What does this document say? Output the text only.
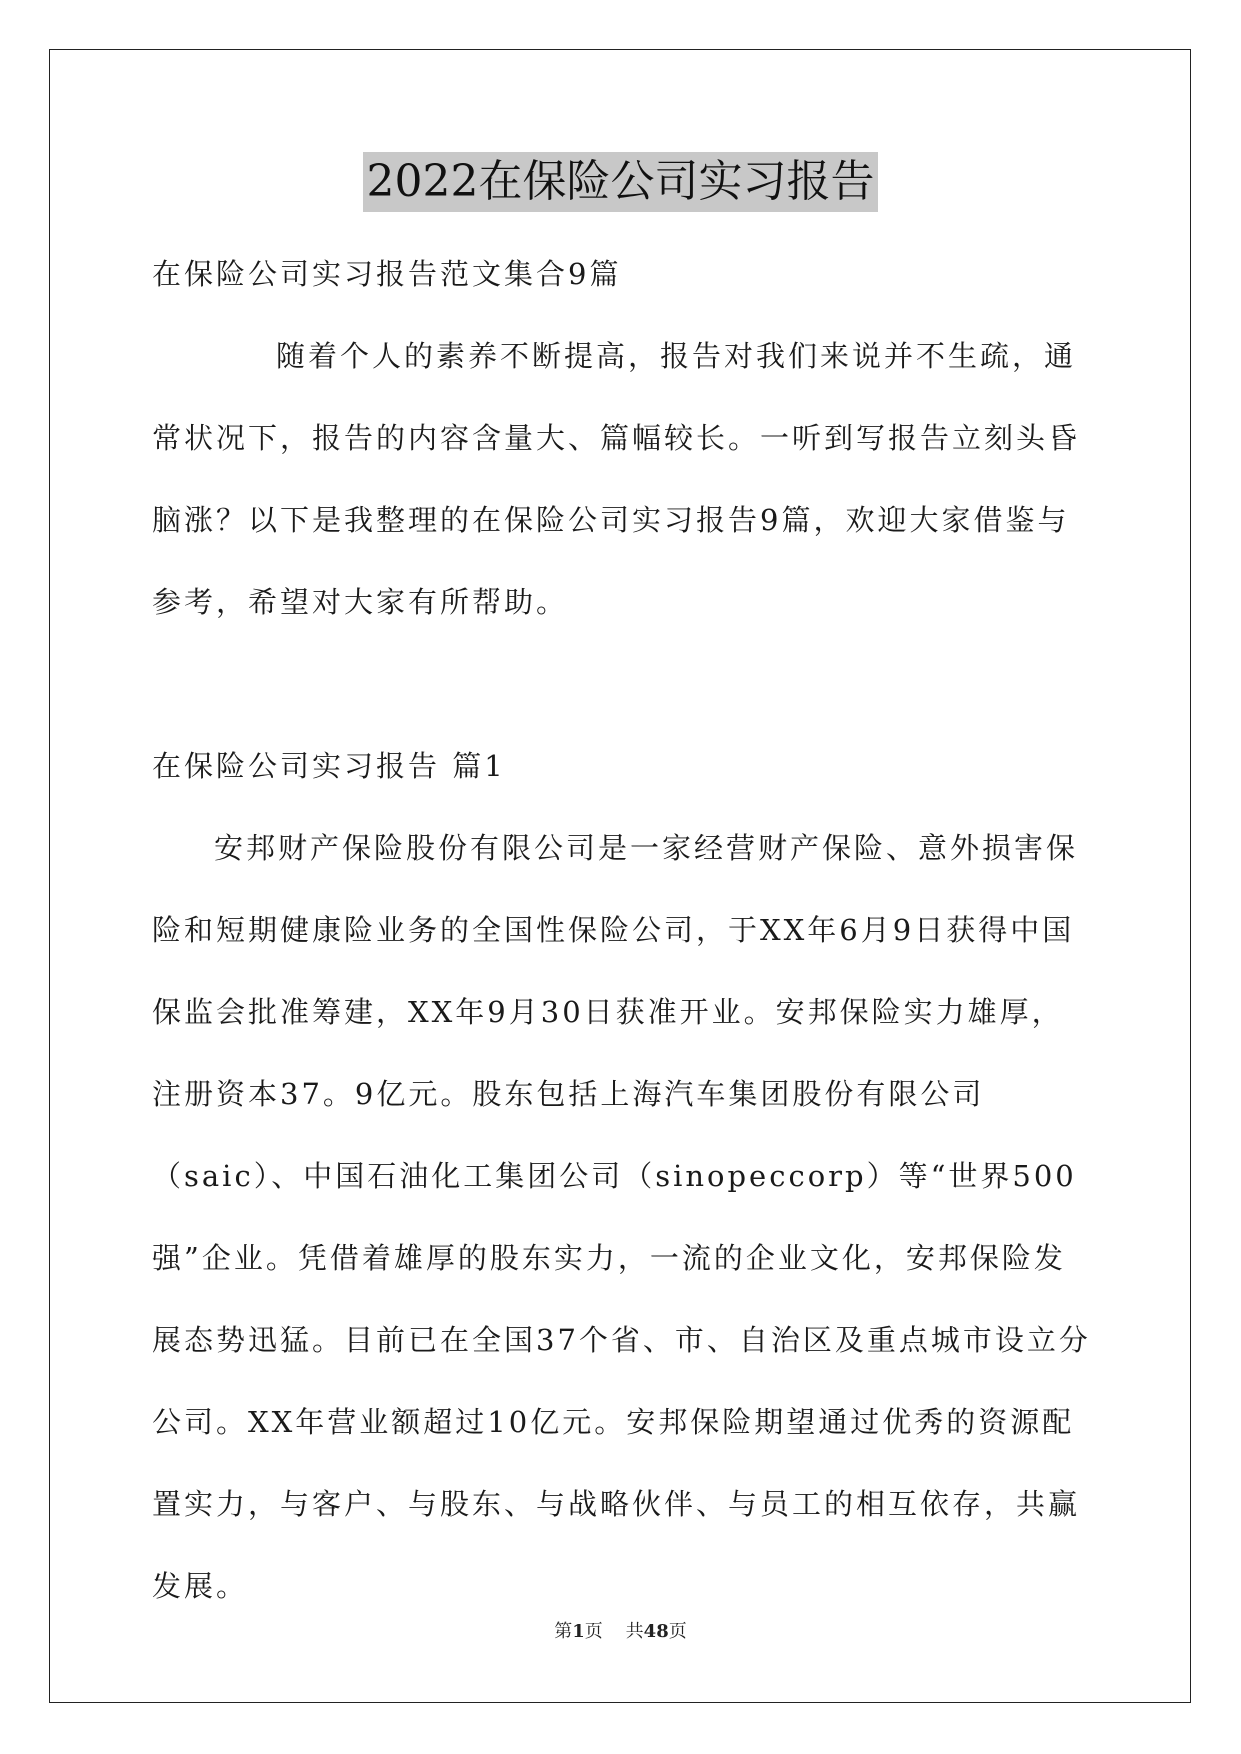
2022在保险公司实习报告

在保险公司实习报告范文集合9篇

随着个人的素养不断提高，报告对我们来说并不生疏，通常状况下，报告的内容含量大、篇幅较长。一听到写报告立刻头昏脑涨？以下是我整理的在保险公司实习报告9篇，欢迎大家借鉴与参考，希望对大家有所帮助。

在保险公司实习报告 篇1

安邦财产保险股份有限公司是一家经营财产保险、意外损害保险和短期健康险业务的全国性保险公司，于XX年6月9日获得中国保监会批准筹建，XX年9月30日获准开业。安邦保险实力雄厚，注册资本37。9亿元。股东包括上海汽车集团股份有限公司（saic）、中国石油化工集团公司（sinopeccorp）等“世界500强”企业。凭借着雄厚的股东实力，一流的企业文化，安邦保险发展态势迅猛。目前已在全国37个省、市、自治区及重点城市设立分公司。XX年营业额超过10亿元。安邦保险期望通过优秀的资源配置实力，与客户、与股东、与战略伙伴、与员工的相互依存，共赢发展。

第1页 共48页
